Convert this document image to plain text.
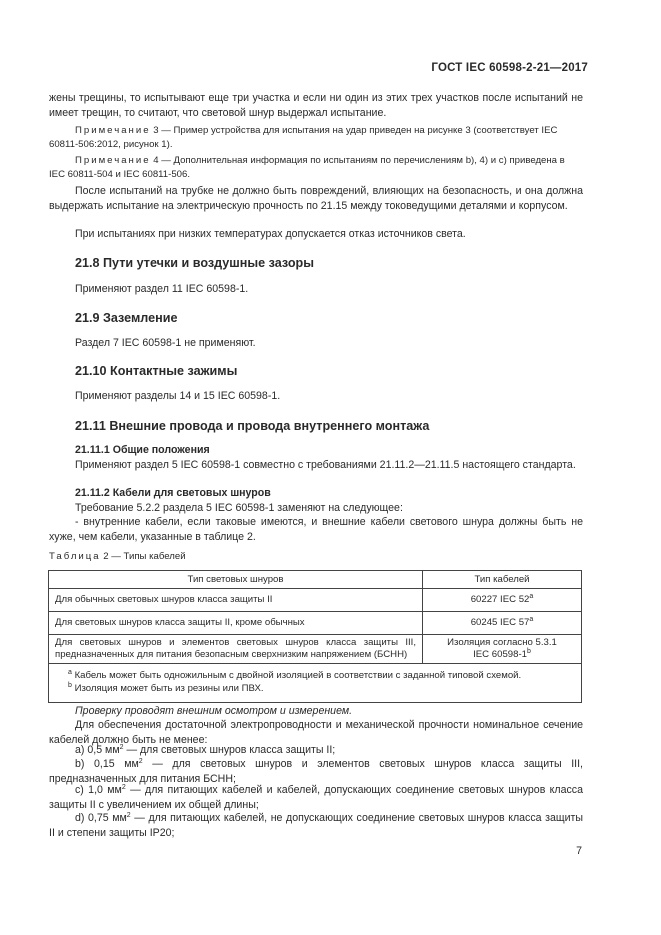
ГОСТ IEC 60598-2-21—2017
жены трещины, то испытывают еще три участка и если ни один из этих трех участков после испытаний не имеет трещин, то считают, что световой шнур выдержал испытание.
Примечание 3 — Пример устройства для испытания на удар приведен на рисунке 3 (соответствует IEC 60811-506:2012, рисунок 1).
Примечание 4 — Дополнительная информация по испытаниям по перечислениям b), 4) и c) приведена в IEC 60811-504 и IEC 60811-506.
После испытаний на трубке не должно быть повреждений, влияющих на безопасность, и она должна выдержать испытание на электрическую прочность по 21.15 между токоведущими деталями и корпусом.
При испытаниях при низких температурах допускается отказ источников света.
21.8 Пути утечки и воздушные зазоры
Применяют раздел 11 IEC 60598-1.
21.9 Заземление
Раздел 7 IEC 60598-1 не применяют.
21.10 Контактные зажимы
Применяют разделы 14 и 15 IEC 60598-1.
21.11 Внешние провода и провода внутреннего монтажа
21.11.1 Общие положения
Применяют раздел 5 IEC 60598-1 совместно с требованиями 21.11.2—21.11.5 настоящего стандарта.
21.11.2 Кабели для световых шнуров
Требование 5.2.2 раздела 5 IEC 60598-1 заменяют на следующее:
- внутренние кабели, если таковые имеются, и внешние кабели светового шнура должны быть не хуже, чем кабели, указанные в таблице 2.
Таблица 2 — Типы кабелей
Тип световых шнуров	Тип кабелей
Для обычных световых шнуров класса защиты II	60227 IEC 52$^a$
Для световых шнуров класса защиты II, кроме обычных	60245 IEC 57$^a$
Для световых шнуров и элементов световых шнуров класса защиты III, предназначенных для питания безопасным сверхнизким напряжением (БСНН)	Изоляция согласно 5.3.1
IEC 60598-1$^b$

$^a$ Кабель может быть одножильным с двойной изоляцией в соответствии с заданной типовой схемой.
$^b$ Изоляция может быть из резины или ПВХ.	
Проверку проводят внешним осмотром и измерением.
Для обеспечения достаточной электропроводности и механической прочности номинальное сечение кабелей должно быть не менее:
a) 0,5 $мм^2$ — для световых шнуров класса защиты II;
b) 0,15 $мм^2$ — для световых шнуров и элементов световых шнуров класса защиты III, предназначенных для питания БСНН;
c) 1,0 $мм^2$ — для питающих кабелей и кабелей, допускающих соединение световых шнуров класса защиты II с увеличением их общей длины;
d) 0,75 $мм^2$ — для питающих кабелей, не допускающих соединение световых шнуров класса защиты II и степени защиты IP20;
7
